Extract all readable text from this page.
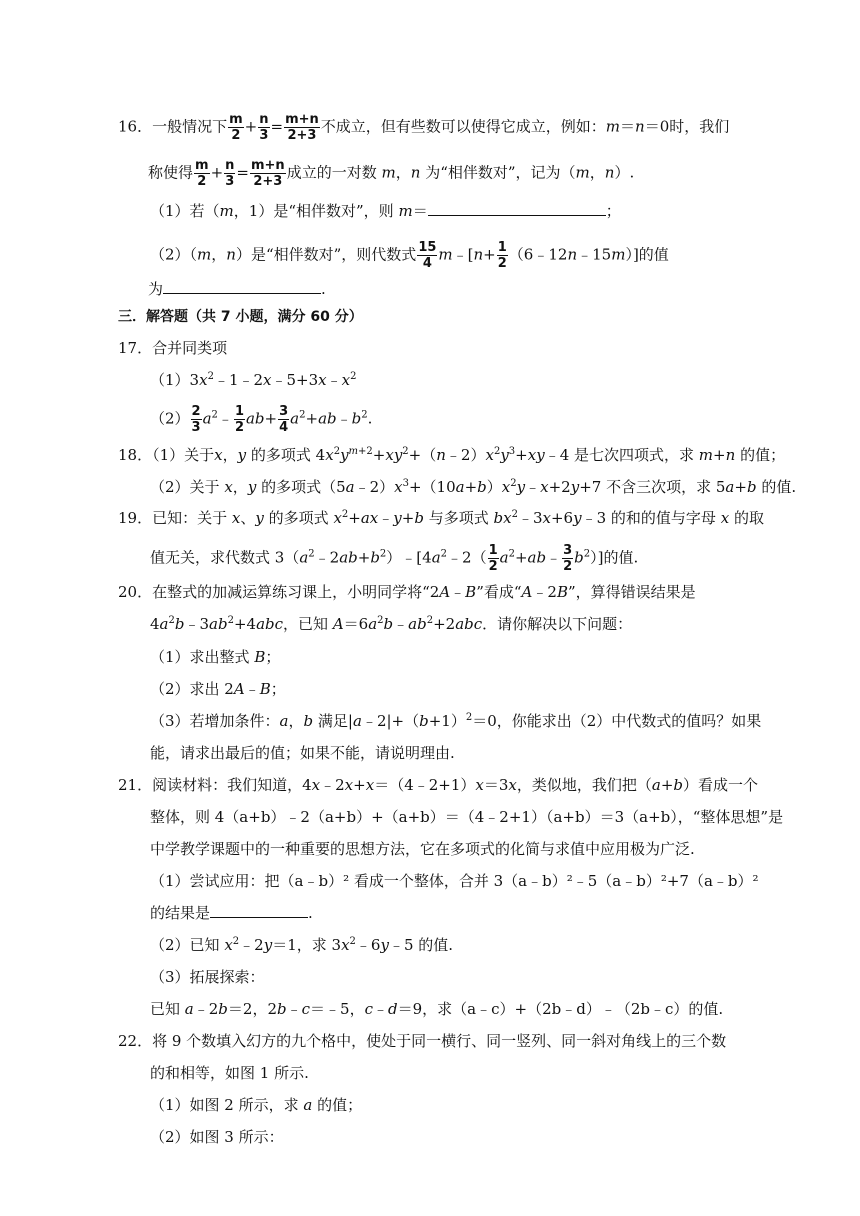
16．一般情况下 $\frac{m}{2} + \frac{n}{3} = \frac{m+n}{2+3}$ 不成立，但有些数可以使得它成立，例如：m＝n＝0时，我们
称使得 $\frac{m}{2} + \frac{n}{3} = \frac{m+n}{2+3}$ 成立的一对数 m，n 为“相伴数对”，记为（m，n）.
（1）若（m，1）是“相伴数对”，则 m＝	；
（2）（m，n）是“相伴数对”，则代数式 $\frac{15}{4}$ m﹣[n+ $\frac{1}{2}$ （6﹣12n﹣15m）]的值
为	.
三．解答题（共 7 小题，满分 60 分）
17．合并同类项
$(1)3x^2﹣1﹣2x﹣5+3x﹣x^2$
$(2) \frac{2}{3}$ $a^2﹣ \frac{1}{2} ab+ \frac{3}{4}$ $a^2+ab﹣b^2$.
18．（1）关于x，y 的多项式 $4x^2y^{m+2}+xy^2+(n﹣2)x^2y^3+xy﹣4$ 是七次四项式，求 m+n 的值；
（2）关于 x，y 的多项式$(5a﹣2)x^3+(10a+b)x^2y﹣x+2y+7$ 不含三次项，求 5a+b 的值.
19．已知：关于 x、y 的多项式 $x^2+ax﹣y+b$ 与多项式 $bx^2﹣3x+6y﹣3$ 的和的值与字母 x 的取
值无关，求代数式 $3(a^2﹣2ab+b^2)﹣[4a^2﹣2( \frac{1}{2}$ $a^2+ab﹣ \frac{3}{2} b^2$）]的值.
20．在整式的加减运算练习课上，小明同学将“2A﹣B”看成“A﹣2B”，算得错误结果是
$4a^2b﹣3ab^2+4abc$，已知 $A=6a^2b﹣ab^2+2abc$．请你解决以下问题：
（1）求出整式 B；
（2）求出 2A﹣B；
（3）若增加条件：a，b 满足$|a﹣2|+(b+1)^2=0$，你能求出（2）中代数式的值吗？如果
能，请求出最后的值；如果不能，请说明理由.
21．阅读材料：我们知道，4x﹣2x+x＝（4﹣2+1）x＝3x，类似地，我们把（a+b）看成一个
整体，则 4（a+b）﹣2（a+b）+（a+b）＝（4﹣2+1）（a+b）＝3（a+b），“整体思想”是
中学教学课题中的一种重要的思想方法，它在多项式的化简与求值中应用极为广泛.
（1）尝试应用：把（a﹣b）² 看成一个整体，合并 3（a﹣b）²﹣5（a﹣b）²+7（a﹣b）²
的结果是	.
（2）已知 $x^2﹣2y=1$，求 $3x^2﹣6y﹣5$ 的值.
（3）拓展探索：
已知 a﹣2b＝2，2b﹣c＝﹣5，c﹣d＝9，求（a﹣c）+（2b﹣d）﹣（2b﹣c）的值.
22．将 9 个数填入幻方的九个格中，使处于同一横行、同一竖列、同一斜对角线上的三个数
的和相等，如图 1 所示.
（1）如图 2 所示，求 a 的值；
（2）如图 3 所示：
